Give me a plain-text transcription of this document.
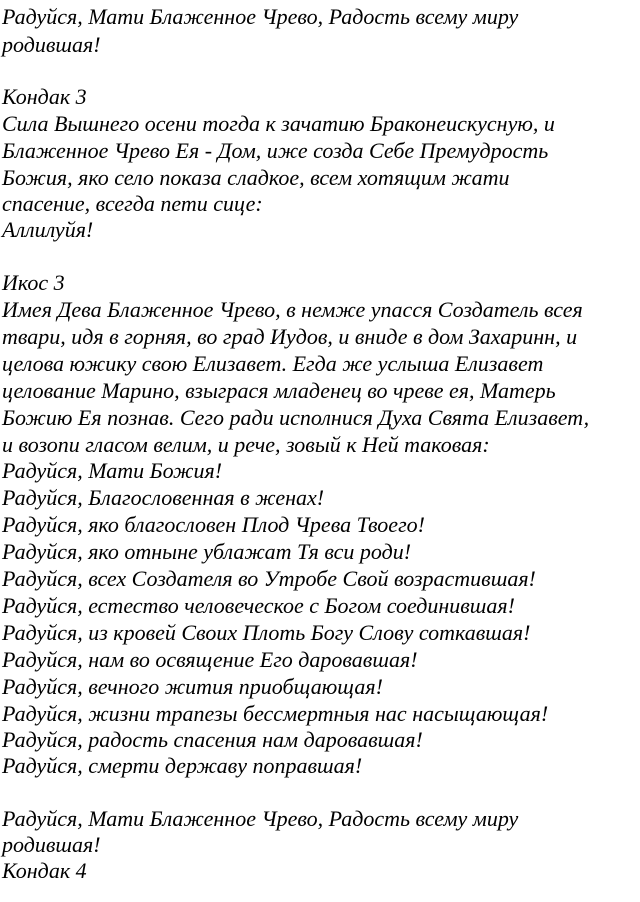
Радуйся, Мати Блаженное Чрево, Радость всему миру
родившая!
Кондак 3
Сила Вышнего осени тогда к зачатию Браконеискусную, и
Блаженное Чрево Ея - Дом, иже созда Себе Премудрость
Божия, яко село показа сладкое, всем хотящим жати
спасение, всегда пети сице:
Аллилуйя!
Икос 3
Имея Дева Блаженное Чрево, в немже упасся Создатель всея
твари, идя в горняя, во град Иудов, и вниде в дом Захаринн, и
целова южику свою Елизавет. Егда же услыша Елизавет
целование Марино, взыграся младенец во чреве ея, Матерь
Божию Ея познав. Сего ради исполнися Духа Свята Елизавет,
и возопи гласом велим, и рече, зовый к Ней таковая:
Радуйся, Мати Божия!
Радуйся, Благословенная в женах!
Радуйся, яко благословен Плод Чрева Твоего!
Радуйся, яко отныне ублажат Тя вси роди!
Радуйся, всех Создателя во Утробе Свой возрастившая!
Радуйся, естество человеческое с Богом соединившая!
Радуйся, из кровей Своих Плоть Богу Слову соткавшая!
Радуйся, нам во освящение Его даровавшая!
Радуйся, вечного жития приобщающая!
Радуйся, жизни трапезы бессмертныя нас насыщающая!
Радуйся, радость спасения нам даровавшая!
Радуйся, смерти державу поправшая!
Радуйся, Мати Блаженное Чрево, Радость всему миру
родившая!
Кондак 4
